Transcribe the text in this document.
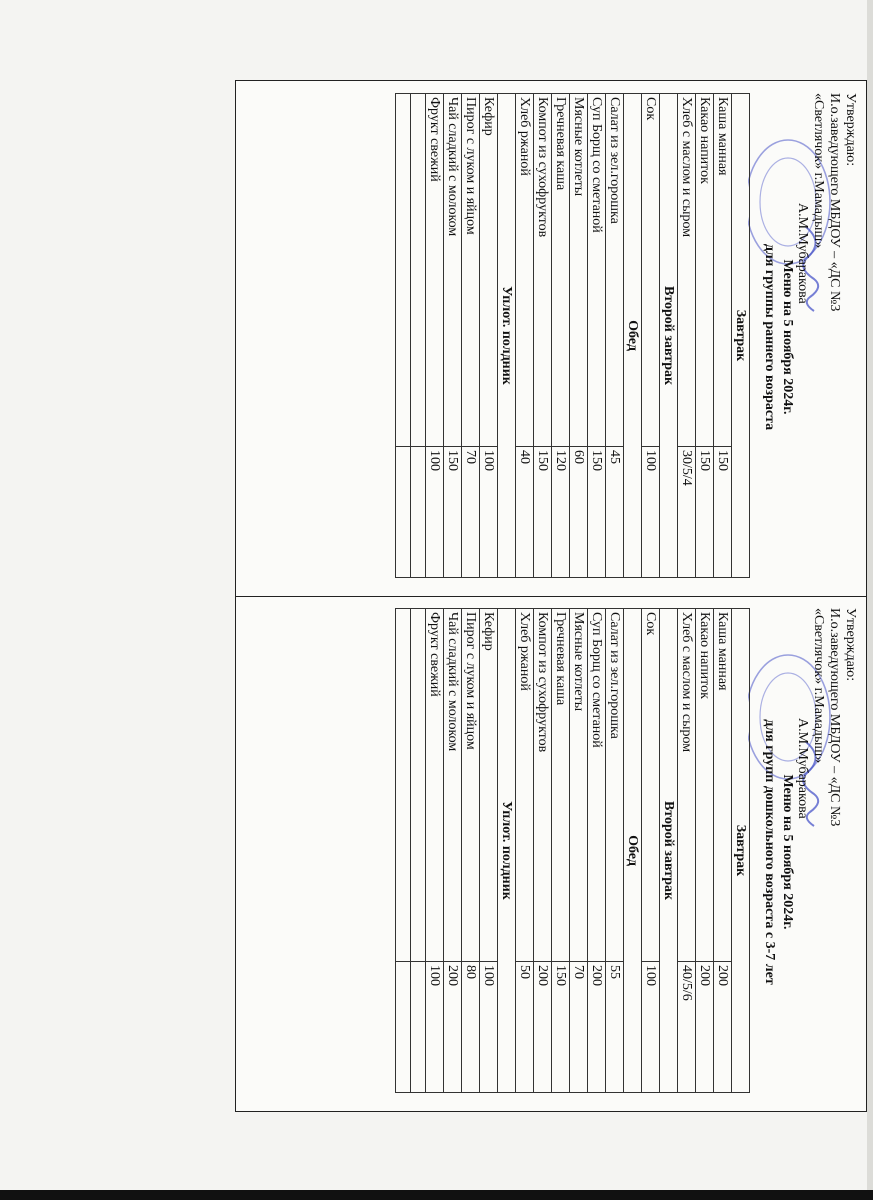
Утверждаю:
И.о.заведующего МБДОУ – «ДС №3
«Светлячок» г.Мамадыш»
А.М.Мубаракова
Меню на 5 ноября 2024г.
для группы раннего возраста
Завтрак	
Каша манная	150
Какао напиток	150
Хлеб с маслом и сыром	30/5/4
Второй завтрак	
Сок	100
Обед	
Салат из зел.горошка	45
Суп Борщ со сметаной	150
Мясные котлеты	60
Гречневая каша	120
Компот из сухофруктов	150
Хлеб ржаной	40
Уплот. полдник	
Кефир	100
Пирог с луком и яйцом	70
Чай сладкий с молоком	150
Фрукт свежий	100

Утверждаю:
И.о.заведующего МБДОУ – «ДС №3
«Светлячок» г.Мамадыш»
А.М.Мубаракова
Меню на 5 ноября 2024г.
для групп дошкольного возраста с 3-7 лет
Завтрак	
Каша манная	200
Какао напиток	200
Хлеб с маслом и сыром	40/5/6
Второй завтрак	
Сок	100
Обед	
Салат из зел.горошка	55
Суп Борщ со сметаной	200
Мясные котлеты	70
Гречневая каша	150
Компот из сухофруктов	200
Хлеб ржаной	50
Уплот. полдник	
Кефир	100
Пирог с луком и яйцом	80
Чай сладкий с молоком	200
Фрукт свежий	100
